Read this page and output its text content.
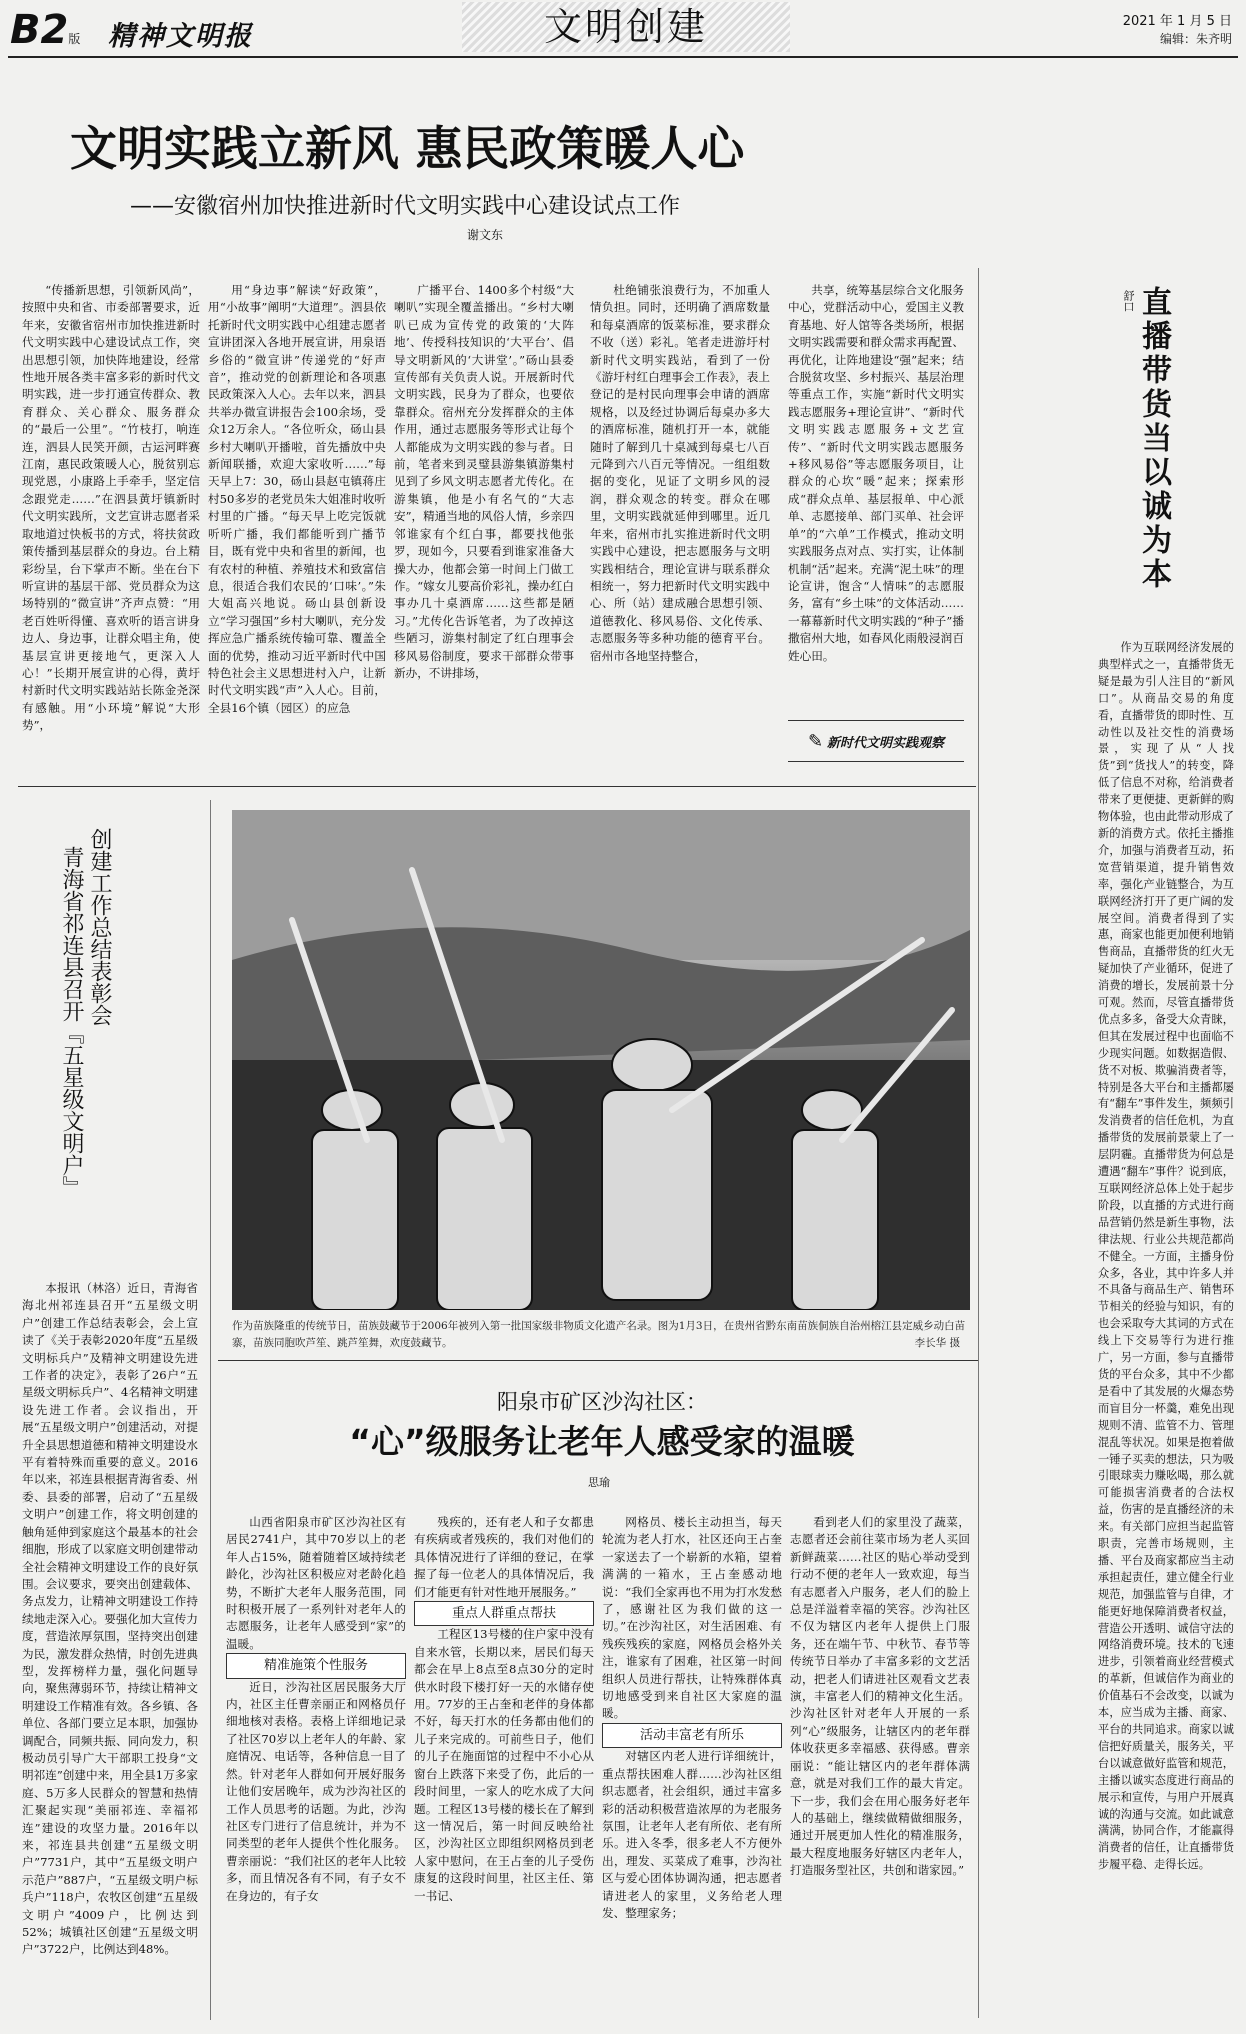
B2版 精神文明报	文明创建	2021 年 1 月 5 日
编辑：朱齐明
文明实践立新风 惠民政策暖人心
——安徽宿州加快推进新时代文明实践中心建设试点工作
谢文东

“传播新思想，引领新风尚”，按照中央和省、市委部署要求，近年来，安徽省宿州市加快推进新时代文明实践中心建设试点工作，突出思想引领，加快阵地建设，经常性地开展各类丰富多彩的新时代文明实践，进一步打通宣传群众、教育群众、关心群众、服务群众的“最后一公里”。“竹枝打，响连连，泗县人民笑开颜，古运河畔赛江南，惠民政策暖人心，脱贫别忘现党恩，小康路上手牵手，坚定信念跟党走……”在泗县黄圩镇新时代文明实践所，文艺宣讲志愿者采取地道过快板书的方式，将扶贫政策传播到基层群众的身边。台上精彩纷呈，台下掌声不断。坐在台下听宣讲的基层干部、党员群众为这场特别的“微宣讲”齐声点赞：“用老百姓听得懂、喜欢听的语言讲身边人、身边事，让群众唱主角，使基层宣讲更接地气，更深入人心！”长期开展宣讲的心得，黄圩村新时代文明实践站站长陈金尧深有感触。用“小环境”解说“大形势”，

用“身边事”解读“好政策”，用“小故事”阐明“大道理”。泗县依托新时代文明实践中心组建志愿者宣讲团深入各地开展宣讲，用泉语乡俗的“微宣讲”传递党的“好声音”，推动党的创新理论和各项惠民政策深入人心。去年以来，泗县共举办微宣讲报告会100余场，受众12万余人。“各位听众，砀山县乡村大喇叭开播啦，首先播放中央新闻联播，欢迎大家收听……”每天早上7：30，砀山县赵屯镇蒋庄村50多岁的老党员朱大姐准时收听村里的广播。“每天早上吃完饭就听听广播，我们都能听到广播节目，既有党中央和省里的新闻，也有农村的种植、养殖技术和致富信息，很适合我们农民的‘口味’。”朱大姐高兴地说。砀山县创新设立“学习强国”乡村大喇叭，充分发挥应急广播系统传输可靠、覆盖全面的优势，推动习近平新时代中国特色社会主义思想进村入户，让新时代文明实践“声”入人心。目前，全县16个镇（园区）的应急

广播平台、1400多个村级“大喇叭”实现全覆盖播出。“乡村大喇叭已成为宣传党的政策的‘大阵地’、传授科技知识的‘大平台’、倡导文明新风的‘大讲堂’。”砀山县委宣传部有关负责人说。开展新时代文明实践，民身为了群众，也要依靠群众。宿州充分发挥群众的主体作用，通过志愿服务等形式让每个人都能成为文明实践的参与者。日前，笔者来到灵璧县游集镇游集村见到了乡风文明志愿者尤传化。在游集镇，他是小有名气的“大志安”，精通当地的风俗人情，乡亲四邻谁家有个红白事，都要找他张罗，现如今，只要看到谁家准备大操大办，他都会第一时间上门做工作。“嫁女儿要高价彩礼，操办红白事办几十桌酒席……这些都是陋习。”尤传化告诉笔者，为了改掉这些陋习，游集村制定了红白理事会移风易俗制度，要求干部群众带事新办，不讲排场，

杜绝铺张浪费行为，不加重人情负担。同时，还明确了酒席数量和每桌酒席的饭菜标准，要求群众不收（送）彩礼。笔者走进游圩村新时代文明实践站，看到了一份《游圩村红白理事会工作表》，表上登记的是村民向理事会申请的酒席规格，以及经过协调后每桌办多大的酒席标准，随机打开一本，就能随时了解到几十桌减到每桌七八百元降到六八百元等情况。一组组数据的变化，见证了文明乡风的浸润，群众观念的转变。群众在哪里，文明实践就延伸到哪里。近几年来，宿州市扎实推进新时代文明实践中心建设，把志愿服务与文明实践相结合，理论宣讲与联系群众相统一，努力把新时代文明实践中心、所（站）建成融合思想引领、道德教化、移风易俗、文化传承、志愿服务等多种功能的德育平台。宿州市各地坚持整合，

共享，统筹基层综合文化服务中心，党群活动中心，爱国主义教育基地、好人馆等各类场所，根据文明实践需要和群众需求再配置、再优化，让阵地建设“强”起来；结合脱贫攻坚、乡村振兴、基层治理等重点工作，实施“新时代文明实践志愿服务+理论宣讲”、“新时代文明实践志愿服务+文艺宣传”、“新时代文明实践志愿服务+移风易俗”等志愿服务项目，让群众的心坎“暖”起来；探索形成“群众点单、基层报单、中心派单、志愿接单、部门买单、社会评单”的“六单”工作模式，推动文明实践服务点对点、实打实，让体制机制“活”起来。充满“泥土味”的理论宣讲，饱含“人情味”的志愿服务，富有“乡土味”的文体活动……一幕幕新时代文明实践的“种子”播撒宿州大地，如春风化雨般浸润百姓心田。

✎ 新时代文明实践观察
直播带货当以诚为本
舒口

作为互联网经济发展的典型样式之一，直播带货无疑是最为引人注目的“新风口”。从商品交易的角度看，直播带货的即时性、互动性以及社交性的消费场景，实现了从“人找货”到“货找人”的转变，降低了信息不对称，给消费者带来了更便捷、更新鲜的购物体验，也由此带动形成了新的消费方式。依托主播推介，加强与消费者互动，拓宽营销渠道，提升销售效率，强化产业链整合，为互联网经济打开了更广阔的发展空间。消费者得到了实惠，商家也能更加便利地销售商品，直播带货的红火无疑加快了产业循环，促进了消费的增长，发展前景十分可观。然而，尽管直播带货优点多多，备受大众青睐，但其在发展过程中也面临不少现实问题。如数据造假、货不对板、欺骗消费者等，特别是各大平台和主播都屡有“翻车”事件发生，频频引发消费者的信任危机，为直播带货的发展前景蒙上了一层阴霾。直播带货为何总是遭遇“翻车”事件？说到底，互联网经济总体上处于起步阶段，以直播的方式进行商品营销仍然是新生事物，法律法规、行业公共规范都尚不健全。一方面，主播身份众多，各业，其中许多人并不具备与商品生产、销售环节相关的经验与知识，有的也会采取夸大其词的方式在线上下交易等行为进行推广，另一方面，参与直播带货的平台众多，其中不少都是看中了其发展的火爆态势而盲目分一杯羹，难免出现规则不清、监管不力、管理混乱等状况。如果是抱着做一锤子买卖的想法，只为吸引眼球卖力赚吆喝，那么就可能损害消费者的合法权益，伤害的是直播经济的未来。有关部门应担当起监管职责，完善市场规则，主播、平台及商家都应当主动承担起责任，建立健全行业规范，加强监管与自律，才能更好地保障消费者权益，营造公开透明、诚信守法的网络消费环境。技术的飞速进步，引领着商业经营模式的革新，但诚信作为商业的价值基石不会改变，以诚为本，应当成为主播、商家、平台的共同追求。商家以诚信把好质量关，服务关，平台以诚意做好监管和规范，主播以诚实态度进行商品的展示和宣传，与用户开展真诚的沟通与交流。如此诚意满满，协同合作，才能赢得消费者的信任，让直播带货步履平稳、走得长远。

创建工作总结表彰会
青海省祁连县召开『五星级文明户』

本报讯（林洛）近日，青海省海北州祁连县召开“五星级文明户”创建工作总结表彰会，会上宣读了《关于表彰2020年度“五星级文明标兵户”及精神文明建设先进工作者的决定》，表彰了26户“五星级文明标兵户”、4名精神文明建设先进工作者。会议指出，开展“五星级文明户”创建活动，对提升全县思想道德和精神文明建设水平有着特殊而重要的意义。2016年以来，祁连县根据青海省委、州委、县委的部署，启动了“五星级文明户”创建工作，将文明创建的触角延伸到家庭这个最基本的社会细胞，形成了以家庭文明创建带动全社会精神文明建设工作的良好氛围。会议要求，要突出创建载体、务点发力，让精神文明建设工作持续地走深入心。要强化加大宣传力度，营造浓厚氛围，坚持突出创建为民，激发群众热情，时创先进典型，发挥榜样力量，强化问题导向，聚焦薄弱环节，持续让精神文明建设工作精准有效。各乡镇、各单位、各部门要立足本职，加强协调配合，同频共振、同向发力，积极动员引导广大干部职工投身“文明祁连”创建中来，用全县1万多家庭、5万多人民群众的智慧和热情汇聚起实现“美丽祁连、幸福祁连”建设的攻坚力量。2016年以来，祁连县共创建“五星级文明户”7731户，其中“五星级文明户示范户”887户，“五星级文明户标兵户”118户，农牧区创建“五星级文明户”4009户，比例达到52%；城镇社区创建“五星级文明户”3722户，比例达到48%。

作为苗族隆重的传统节日，苗族鼓藏节于2006年被列入第一批国家级非物质文化遗产名录。图为1月3日，在贵州省黔东南苗族侗族自治州榕江县定威乡动白苗寨，苗族同胞吹芦笙、跳芦笙舞，欢度鼓藏节。	李长华 摄
阳泉市矿区沙沟社区：
“心”级服务让老年人感受家的温暖
思瑜

山西省阳泉市矿区沙沟社区有居民2741户，其中70岁以上的老年人占15%，随着随着区域持续老龄化，沙沟社区积极应对老龄化趋势，不断扩大老年人服务范围，同时积极开展了一系列针对老年人的志愿服务，让老年人感受到“家”的温暖。

精准施策个性服务

近日，沙沟社区居民服务大厅内，社区主任曹亲丽正和网格员仔细地核对表格。表格上详细地记录了社区70岁以上老年人的年龄、家庭情况、电话等，各种信息一目了然。针对老年人群如何开展好服务让他们安居晚年，成为沙沟社区的工作人员思考的话题。为此，沙沟社区专门进行了信息统计，并为不同类型的老年人提供个性化服务。曹亲丽说：“我们社区的老年人比较多，而且情况各有不同，有子女不在身边的，有子女

残疾的，还有老人和子女都患有疾病或者残疾的，我们对他们的具体情况进行了详细的登记，在掌握了每一位老人的具体情况后，我们才能更有针对性地开展服务。”

重点人群重点帮扶

工程区13号楼的住户家中没有自来水管，长期以来，居民们每天都会在早上8点至8点30分的定时供水时段下楼打好一天的水储存使用。77岁的王占奎和老伴的身体都不好，每天打水的任务都由他们的儿子来完成的。可前些日子，他们的儿子在施面馆的过程中不小心从窗台上跌落下来受了伤，此后的一段时间里，一家人的吃水成了大问题。工程区13号楼的楼长在了解到这一情况后，第一时间反映给社区，沙沟社区立即组织网格员到老人家中慰问，在王占奎的儿子受伤康复的这段时间里，社区主任、第一书记、

网格员、楼长主动担当，每天轮流为老人打水，社区还向王占奎一家送去了一个崭新的水箱，望着满满的一箱水，王占奎感动地说：“我们全家再也不用为打水发愁了，感谢社区为我们做的这一切。”在沙沟社区，对生活困难、有残疾残疾的家庭，网格员会格外关注，谁家有了困难，社区第一时间组织人员进行帮扶，让特殊群体真切地感受到来自社区大家庭的温暖。

活动丰富老有所乐

对辖区内老人进行详细统计，重点帮扶困难人群……沙沟社区组织志愿者，社会组织，通过丰富多彩的活动积极营造浓厚的为老服务氛围，让老年人老有所依、老有所乐。进入冬季，很多老人不方便外出，理发、买菜成了难事，沙沟社区与爱心团体协调沟通，把志愿者请进老人的家里，义务给老人理发、整理家务；

看到老人们的家里没了蔬菜，志愿者还会前往菜市场为老人买回新鲜蔬菜……社区的贴心举动受到行动不便的老年人一致欢迎，每当有志愿者入户服务，老人们的脸上总是洋溢着幸福的笑容。沙沟社区不仅为辖区内老年人提供上门服务，还在端午节、中秋节、春节等传统节日举办了丰富多彩的文艺活动，把老人们请进社区观看文艺表演，丰富老人们的精神文化生活。沙沟社区针对老年人开展的一系列“心”级服务，让辖区内的老年群体收获更多幸福感、获得感。曹亲丽说：“能让辖区内的老年群体满意，就是对我们工作的最大肯定。下一步，我们会在用心服务好老年人的基础上，继续做精做细服务，通过开展更加人性化的精准服务，最大程度地服务好辖区内老年人，打造服务型社区，共创和谐家园。”
